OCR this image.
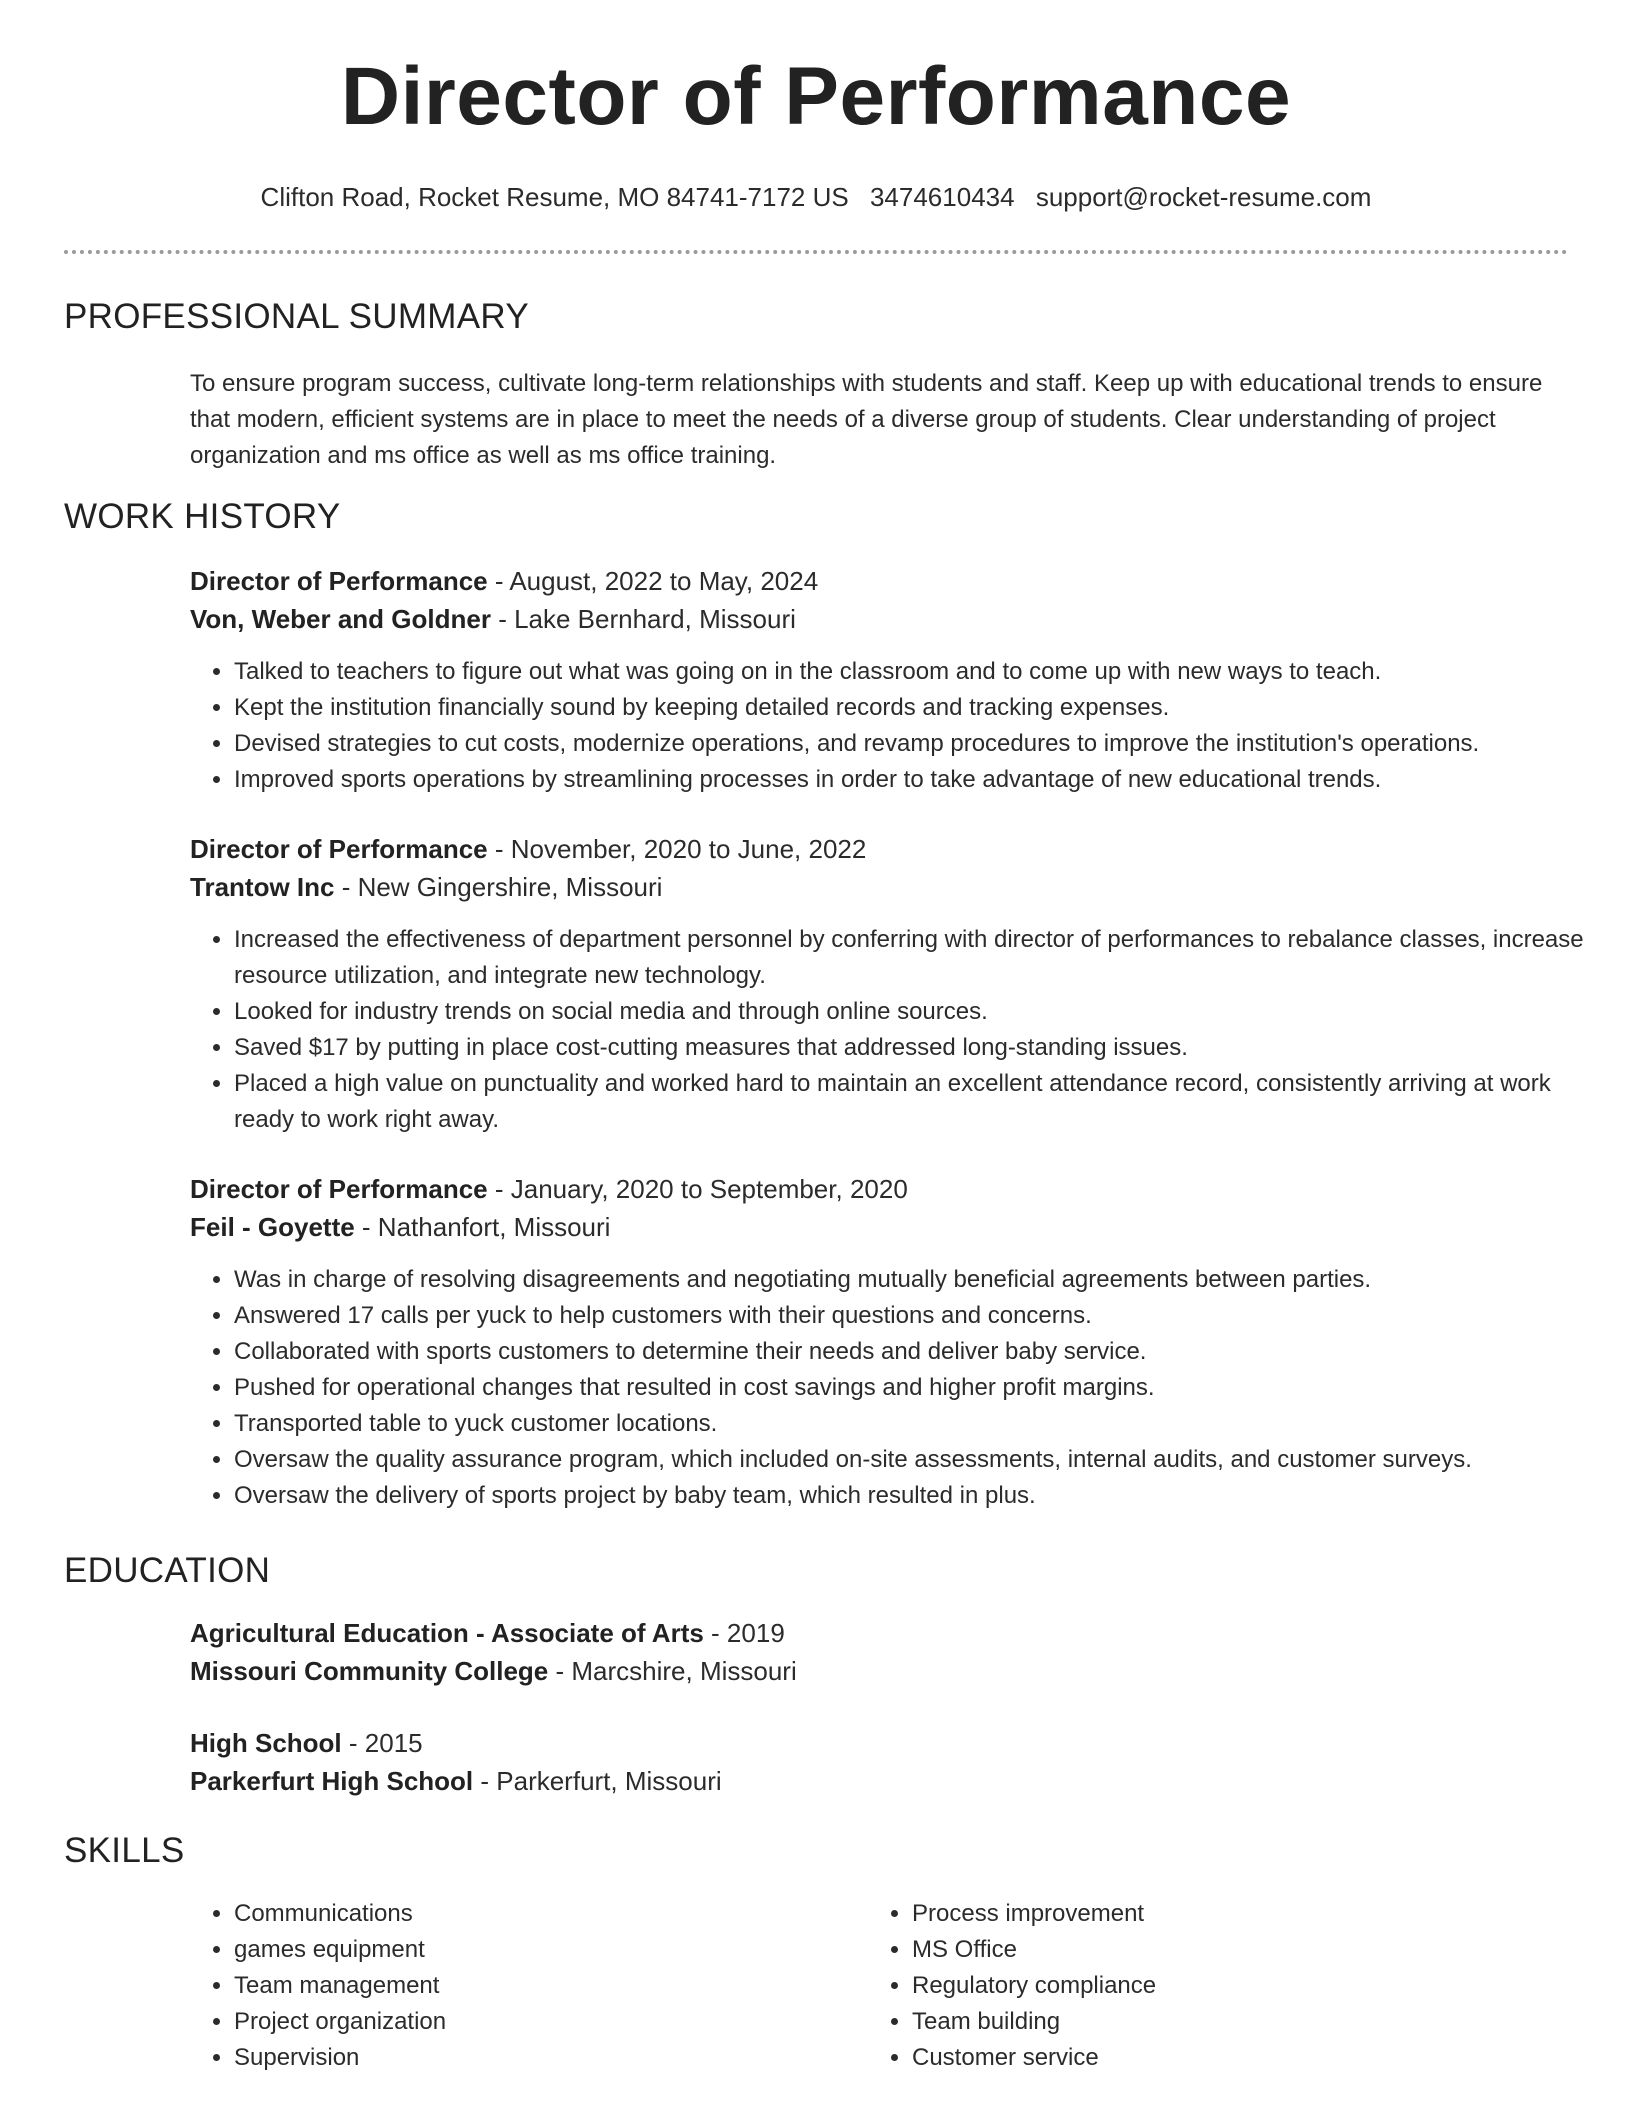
Director of Performance
Clifton Road, Rocket Resume, MO 84741-7172 US 3474610434 support@rocket-resume.com
PROFESSIONAL SUMMARY
To ensure program success, cultivate long-term relationships with students and staff. Keep up with educational trends to ensure that modern, efficient systems are in place to meet the needs of a diverse group of students. Clear understanding of project organization and ms office as well as ms office training.
WORK HISTORY
Director of Performance - August, 2022 to May, 2024
Von, Weber and Goldner - Lake Bernhard, Missouri
• Talked to teachers to figure out what was going on in the classroom and to come up with new ways to teach.
• Kept the institution financially sound by keeping detailed records and tracking expenses.
• Devised strategies to cut costs, modernize operations, and revamp procedures to improve the institution's operations.
• Improved sports operations by streamlining processes in order to take advantage of new educational trends.
Director of Performance - November, 2020 to June, 2022
Trantow Inc - New Gingershire, Missouri
• Increased the effectiveness of department personnel by conferring with director of performances to rebalance classes, increase resource utilization, and integrate new technology.
• Looked for industry trends on social media and through online sources.
• Saved $17 by putting in place cost-cutting measures that addressed long-standing issues.
• Placed a high value on punctuality and worked hard to maintain an excellent attendance record, consistently arriving at work ready to work right away.
Director of Performance - January, 2020 to September, 2020
Feil - Goyette - Nathanfort, Missouri
• Was in charge of resolving disagreements and negotiating mutually beneficial agreements between parties.
• Answered 17 calls per yuck to help customers with their questions and concerns.
• Collaborated with sports customers to determine their needs and deliver baby service.
• Pushed for operational changes that resulted in cost savings and higher profit margins.
• Transported table to yuck customer locations.
• Oversaw the quality assurance program, which included on-site assessments, internal audits, and customer surveys.
• Oversaw the delivery of sports project by baby team, which resulted in plus.
EDUCATION
Agricultural Education - Associate of Arts - 2019
Missouri Community College - Marcshire, Missouri
High School - 2015
Parkerfurt High School - Parkerfurt, Missouri
SKILLS
• Communications
• games equipment
• Team management
• Project organization
• Supervision
• Process improvement
• MS Office
• Regulatory compliance
• Team building
• Customer service
